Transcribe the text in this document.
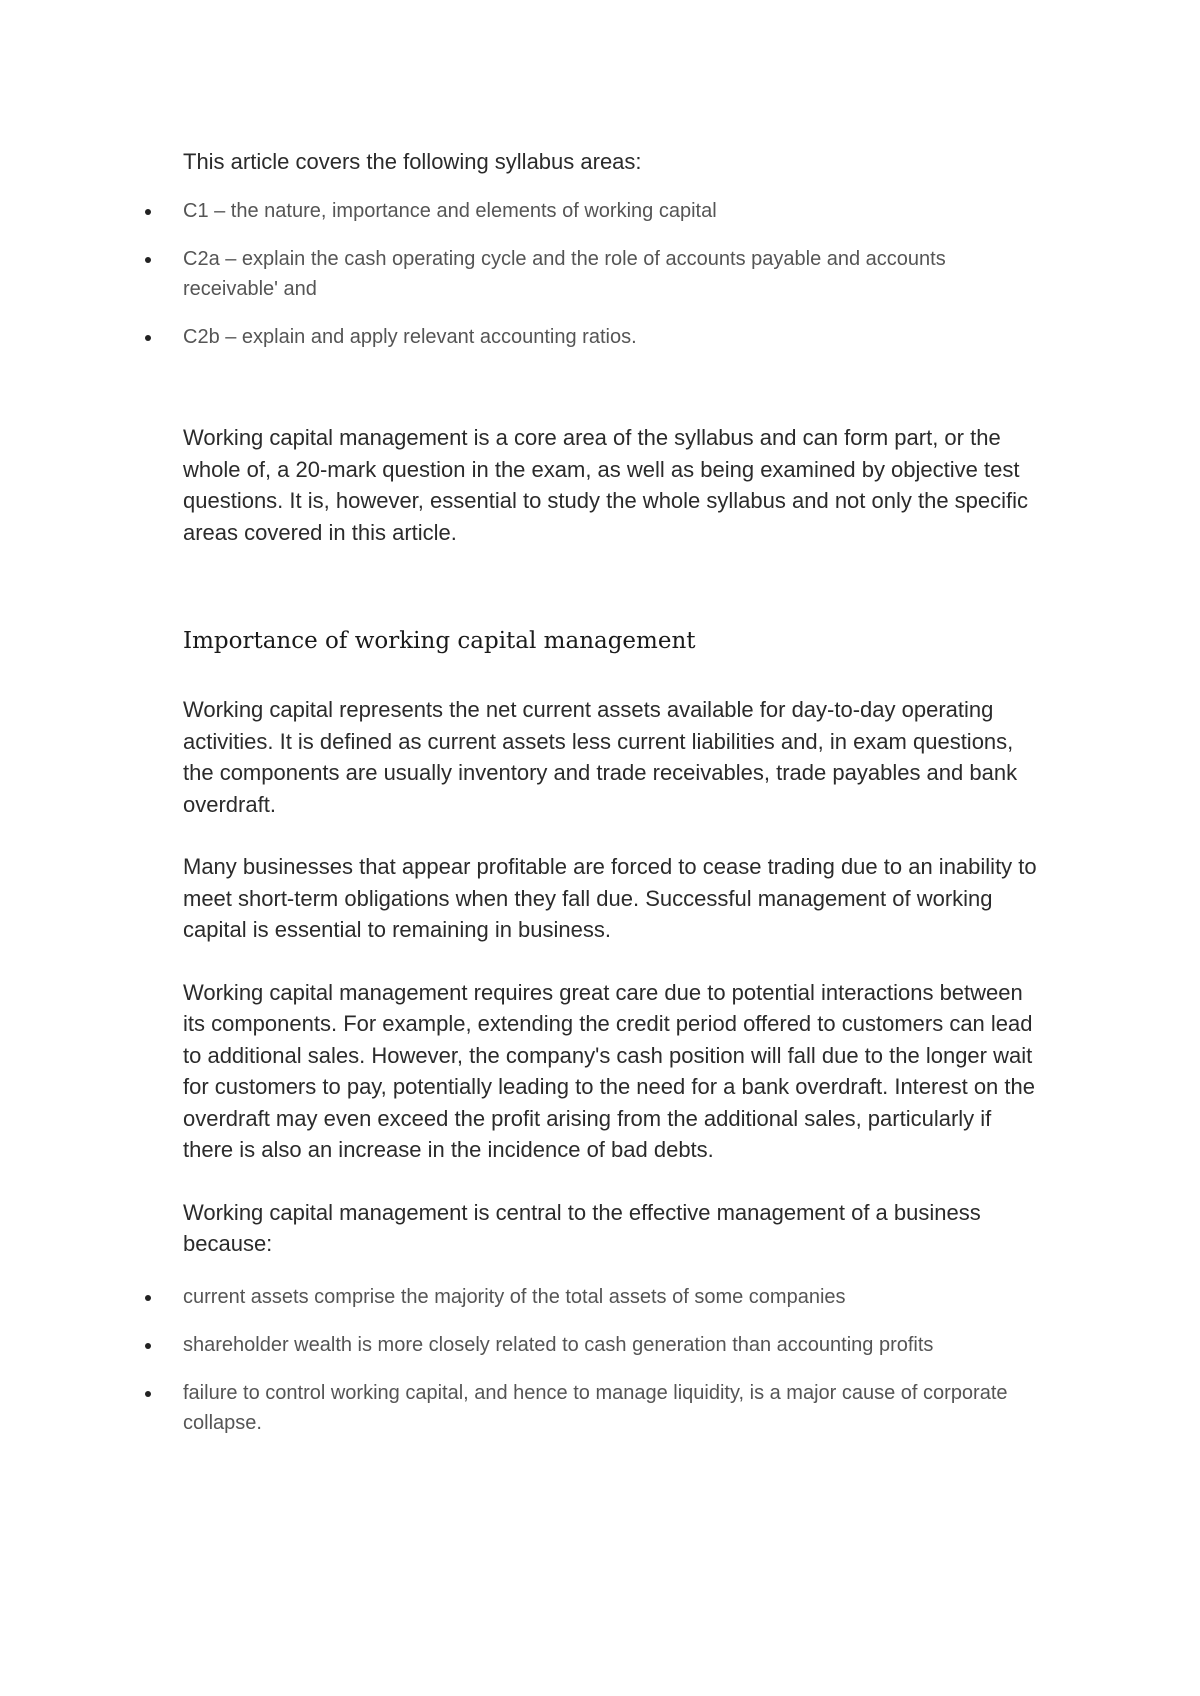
This article covers the following syllabus areas:

C1 – the nature, importance and elements of working capital
C2a – explain the cash operating cycle and the role of accounts payable and accounts receivable' and
C2b – explain and apply relevant accounting ratios.

Working capital management is a core area of the syllabus and can form part, or the whole of, a 20-mark question in the exam, as well as being examined by objective test questions. It is, however, essential to study the whole syllabus and not only the specific areas covered in this article.

Importance of working capital management

Working capital represents the net current assets available for day-to-day operating activities. It is defined as current assets less current liabilities and, in exam questions, the components are usually inventory and trade receivables, trade payables and bank overdraft.

Many businesses that appear profitable are forced to cease trading due to an inability to meet short-term obligations when they fall due. Successful management of working capital is essential to remaining in business.

Working capital management requires great care due to potential interactions between its components. For example, extending the credit period offered to customers can lead to additional sales. However, the company's cash position will fall due to the longer wait for customers to pay, potentially leading to the need for a bank overdraft. Interest on the overdraft may even exceed the profit arising from the additional sales, particularly if there is also an increase in the incidence of bad debts.

Working capital management is central to the effective management of a business because:

current assets comprise the majority of the total assets of some companies
shareholder wealth is more closely related to cash generation than accounting profits
failure to control working capital, and hence to manage liquidity, is a major cause of corporate collapse.
